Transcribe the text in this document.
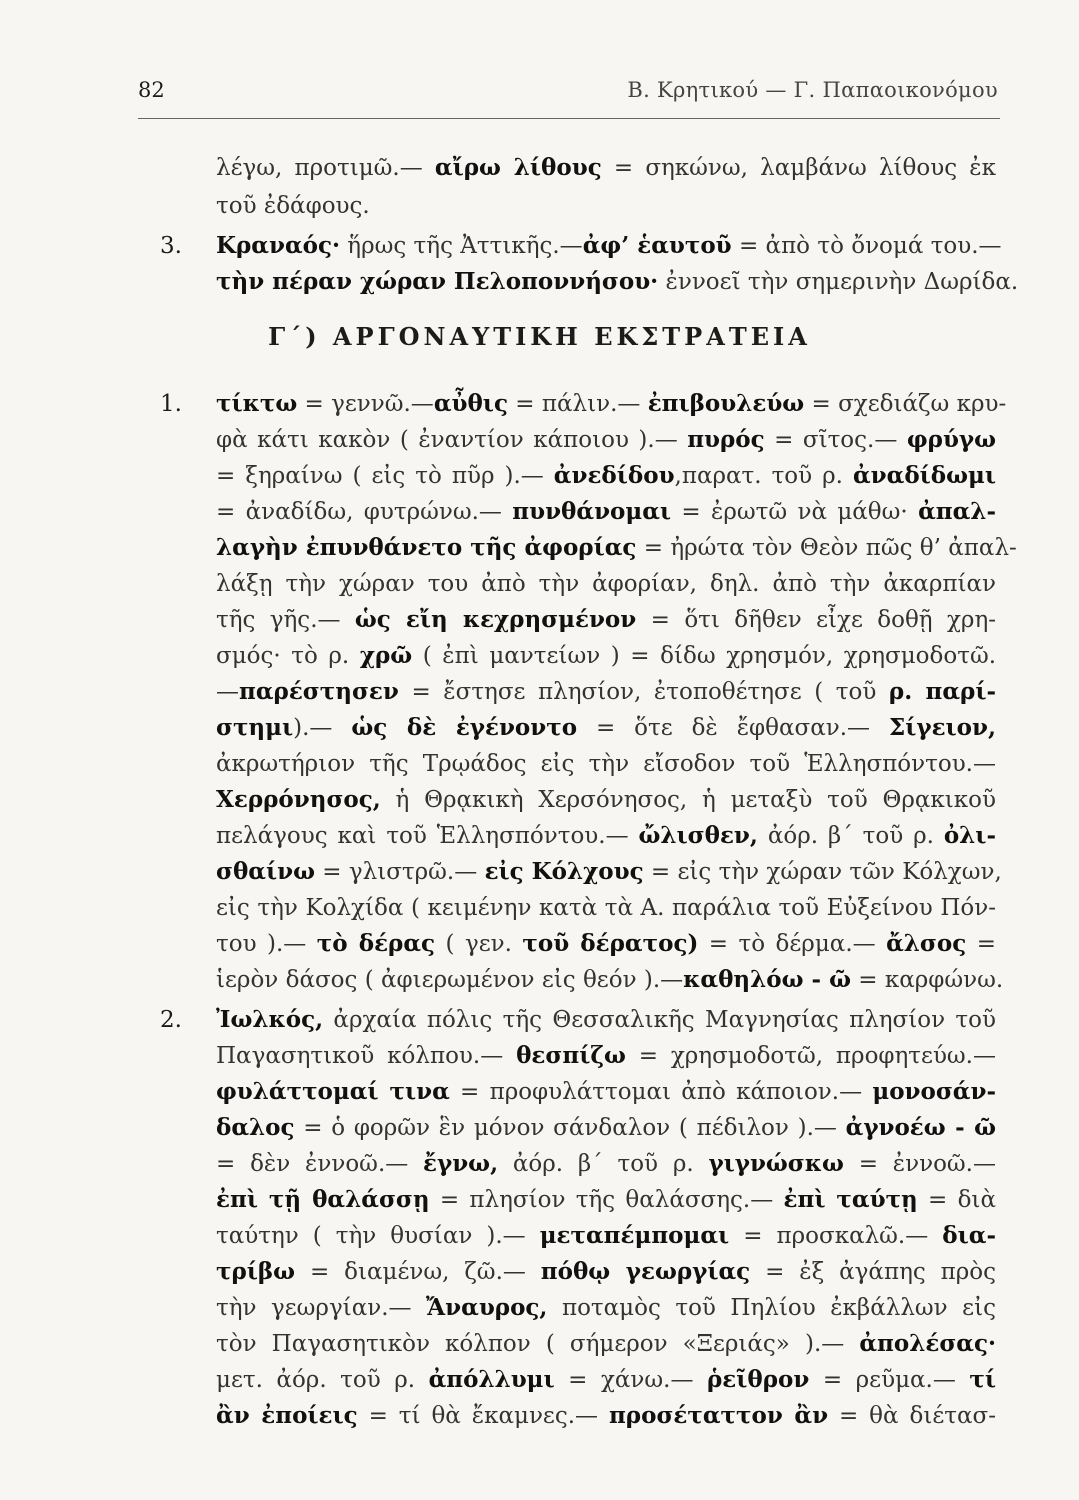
82	Β. Κρητικού — Γ. Παπαοικονόμου
Γ΄) ΑΡΓΟΝΑΥΤΙΚΗ ΕΚΣΤΡΑΤΕΙΑ
λέγω, προτιμῶ.— αἴρω λίθους = σηκώνω, λαμβάνω λίθους ἐκ
τοῦ ἐδάφους.
3.	Κραναός· ἥρως τῆς Ἀττικῆς.—ἀφ’ ἑαυτοῦ = ἀπὸ τὸ ὄνομά του.—
τὴν πέραν χώραν Πελοποννήσου· ἐννοεῖ τὴν σημερινὴν Δωρίδα.
1.	τίκτω = γεννῶ.—αὖθις = πάλιν.— ἐπιβουλεύω = σχεδιάζω κρυ-
φὰ κάτι κακὸν ( ἐναντίον κάποιου ).— πυρός = σῖτος.— φρύγω
= ξηραίνω ( εἰς τὸ πῦρ ).— ἀνεδίδου,παρατ. τοῦ ρ. ἀναδίδωμι
= ἀναδίδω, φυτρώνω.— πυνθάνομαι = ἐρωτῶ νὰ μάθω· ἀπαλ-
λαγὴν ἐπυνθάνετο τῆς ἀφορίας = ἠρώτα τὸν Θεὸν πῶς θ’ ἀπαλ-
λάξῃ τὴν χώραν του ἀπὸ τὴν ἀφορίαν, δηλ. ἀπὸ τὴν ἀκαρπίαν
τῆς γῆς.— ὡς εἴη κεχρησμένον = ὅτι δῆθεν εἶχε δοθῇ χρη-
σμός· τὸ ρ. χρῶ ( ἐπὶ μαντείων ) = δίδω χρησμόν, χρησμοδοτῶ.
—παρέστησεν = ἔστησε πλησίον, ἐτοποθέτησε ( τοῦ ρ. παρί-
στημι).— ὡς δὲ ἐγένοντο = ὅτε δὲ ἔφθασαν.— Σίγειον,
ἀκρωτήριον τῆς Τρῳάδος εἰς τὴν εἴσοδον τοῦ Ἑλλησπόντου.—
Χερρόνησος, ἡ Θρᾳκικὴ Χερσόνησος, ἡ μεταξὺ τοῦ Θρᾳκικοῦ
πελάγους καὶ τοῦ Ἑλλησπόντου.— ὤλισθεν, ἀόρ. β΄ τοῦ ρ. ὀλι-
σθαίνω = γλιστρῶ.— εἰς Κόλχους = εἰς τὴν χώραν τῶν Κόλχων,
εἰς τὴν Κολχίδα ( κειμένην κατὰ τὰ Α. παράλια τοῦ Εὐξείνου Πόν-
του ).— τὸ δέρας ( γεν. τοῦ δέρατος) = τὸ δέρμα.— ἄλσος =
ἱερὸν δάσος ( ἀφιερωμένον εἰς θεόν ).—καθηλόω - ῶ = καρφώνω.
2.	Ἰωλκός, ἀρχαία πόλις τῆς Θεσσαλικῆς Μαγνησίας πλησίον τοῦ
Παγασητικοῦ κόλπου.— θεσπίζω = χρησμοδοτῶ, προφητεύω.—
φυλάττομαί τινα = προφυλάττομαι ἀπὸ κάποιον.— μονοσάν-
δαλος = ὁ φορῶν ἓν μόνον σάνδαλον ( πέδιλον ).— ἀγνοέω - ῶ
= δὲν ἐννοῶ.— ἔγνω, ἀόρ. β΄ τοῦ ρ. γιγνώσκω = ἐννοῶ.—
ἐπὶ τῇ θαλάσσῃ = πλησίον τῆς θαλάσσης.— ἐπὶ ταύτῃ = διὰ
ταύτην ( τὴν θυσίαν ).— μεταπέμπομαι = προσκαλῶ.— δια-
τρίβω = διαμένω, ζῶ.— πόθῳ γεωργίας = ἐξ ἀγάπης πρὸς
τὴν γεωργίαν.— Ἄναυρος, ποταμὸς τοῦ Πηλίου ἐκβάλλων εἰς
τὸν Παγασητικὸν κόλπον ( σήμερον «Ξεριάς» ).— ἀπολέσας·
μετ. ἀόρ. τοῦ ρ. ἀπόλλυμι = χάνω.— ῥεῖθρον = ρεῦμα.— τί
ἂν ἐποίεις = τί θὰ ἔκαμνες.— προσέταττον ἂν = θὰ διέτασ-
